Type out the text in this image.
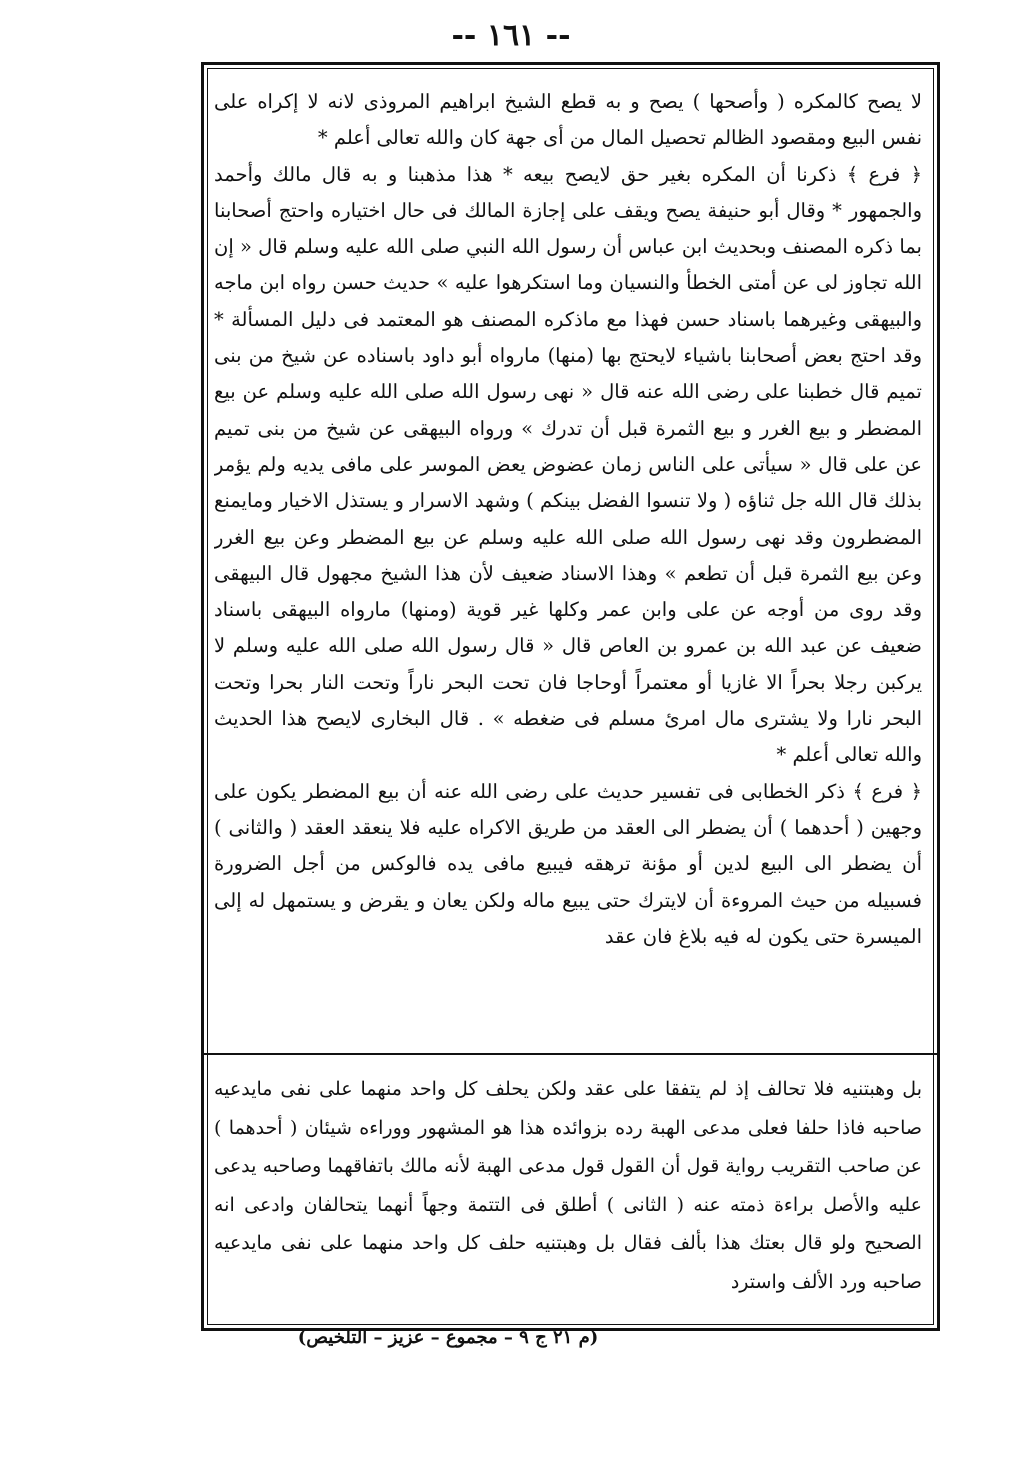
-- ١٦١ --

لا يصح كالمكره ( وأصحها ) يصح و به قطع الشيخ ابراهيم المروذى لانه لا إكراه على نفس البيع ومقصود الظالم تحصيل المال من أى جهة كان والله تعالى أعلم *

﴿ فرع ﴾ ذكرنا أن المكره بغير حق لايصح بيعه * هذا مذهبنا و به قال مالك وأحمد والجمهور * وقال أبو حنيفة يصح ويقف على إجازة المالك فى حال اختياره واحتج أصحابنا بما ذكره المصنف وبحديث ابن عباس أن رسول الله النبي صلى الله عليه وسلم قال « إن الله تجاوز لى عن أمتى الخطأ والنسيان وما استكرهوا عليه » حديث حسن رواه ابن ماجه والبيهقى وغيرهما باسناد حسن فهذا مع ماذكره المصنف هو المعتمد فى دليل المسألة * وقد احتج بعض أصحابنا باشياء لايحتج بها (منها) مارواه أبو داود باسناده عن شيخ من بنى تميم قال خطبنا على رضى الله عنه قال « نهى رسول الله صلى الله عليه وسلم عن بيع المضطر و بيع الغرر و بيع الثمرة قبل أن تدرك » ورواه البيهقى عن شيخ من بنى تميم عن على قال « سيأتى على الناس زمان عضوض يعض الموسر على مافى يديه ولم يؤمر بذلك قال الله جل ثناؤه ( ولا تنسوا الفضل بينكم ) وشهد الاسرار و يستذل الاخيار ومايمنع المضطرون وقد نهى رسول الله صلى الله عليه وسلم عن بيع المضطر وعن بيع الغرر وعن بيع الثمرة قبل أن تطعم » وهذا الاسناد ضعيف لأن هذا الشيخ مجهول قال البيهقى وقد روى من أوجه عن على وابن عمر وكلها غير قوية (ومنها) مارواه البيهقى باسناد ضعيف عن عبد الله بن عمرو بن العاص قال « قال رسول الله صلى الله عليه وسلم لا يركبن رجلا بحراً الا غازيا أو معتمراً أوحاجا فان تحت البحر ناراً وتحت النار بحرا وتحت البحر نارا ولا يشترى مال امرئ مسلم فى ضغطه » . قال البخارى لايصح هذا الحديث والله تعالى أعلم *

﴿ فرع ﴾ ذكر الخطابى فى تفسير حديث على رضى الله عنه أن بيع المضطر يكون على وجهين ( أحدهما ) أن يضطر الى العقد من طريق الاكراه عليه فلا ينعقد العقد ( والثانى ) أن يضطر الى البيع لدين أو مؤنة ترهقه فيبيع مافى يده فالوكس من أجل الضرورة فسبيله من حيث المروءة أن لايترك حتى يبيع ماله ولكن يعان و يقرض و يستمهل له إلى الميسرة حتى يكون له فيه بلاغ فان عقد

بل وهبتنيه فلا تحالف إذ لم يتفقا على عقد ولكن يحلف كل واحد منهما على نفى مايدعيه صاحبه فاذا حلفا فعلى مدعى الهبة رده بزوائده هذا هو المشهور ووراءه شيئان ( أحدهما ) عن صاحب التقريب رواية قول أن القول قول مدعى الهبة لأنه مالك باتفاقهما وصاحبه يدعى عليه والأصل براءة ذمته عنه ( الثانى ) أطلق فى التتمة وجهاً أنهما يتحالفان وادعى انه الصحيح ولو قال بعتك هذا بألف فقال بل وهبتنيه حلف كل واحد منهما على نفى مايدعيه صاحبه ورد الألف واسترد
(م ٢١ ج ٩ – مجموع – عزيز – التلخيص)
